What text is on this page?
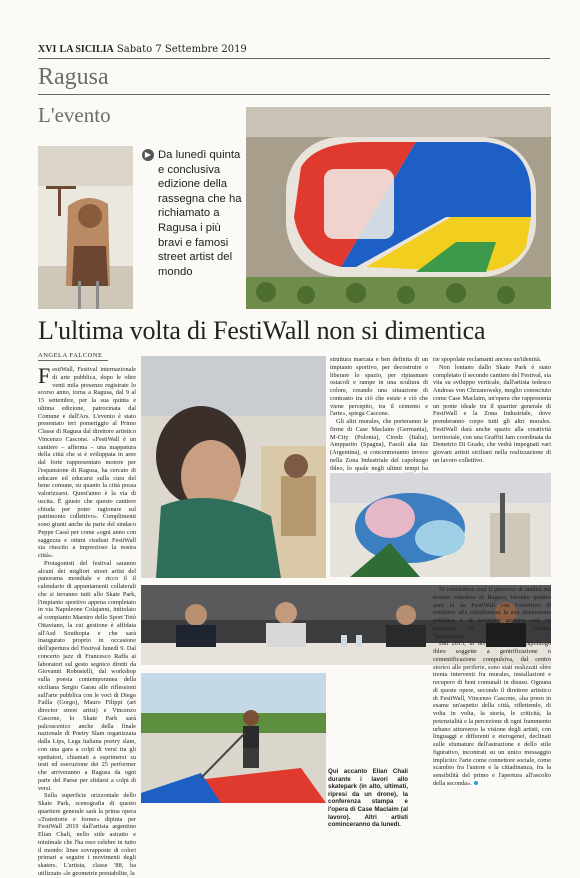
XVI LA SICILIA Sabato 7 Settembre 2019
Ragusa
L'evento
▶ Da lunedì quinta e conclusiva edizione della rassegna che ha richiamato a Ragusa i più bravi e famosi street artist del mondo
L'ultima volta di FestiWall non si dimentica
ANGELA FALCONE

FestiWall, Festival internazionale di arte pubblica, dopo le oltre venti mila presenze registrate lo scorso anno, torna a Ragusa, dal 9 al 15 settembre, per la sua quinta e ultima edizione, patrocinata dal Comune e dall'Ars. L'evento è stato presentato ieri pomeriggio al Primo Classe di Ragusa dal direttore artistico Vincenzo Cascone. «FestiWall è un cantiere – afferma – una mappatura della città che si è sviluppata in aree dal forte rappresentato motore per l'espansione di Ragusa, ha cercato di educare ed educarsi sulla cura del bene comune, su quanto la città possa valorizzarsi. Quest'anno è la via di uscita. È giusto che questo cantiere chiuda per poter ragionare sul patrimonio collettivo». Complimenti sono giunti anche da parte del sindaco Peppe Cassì per come «ogni anno con saggezza e ottimi risultati FestiWall sia riuscito a imprezioso la nostra città».

Protagonisti del festival saranno alcuni dei migliori street artist del panorama mondiale e ricco il il calendario di appuntamenti collaterali che si terranno tutti allo Skate Park, l'impianto sportivo appena completato in via Napoleone Colajanni, intitolato al compianto Maestro dello Sport Totò Ottaviano, la cui gestione è affidata all'Asd Southopia e che sarà inaugurato proprio in occasione dell'apertura del Festival lunedì 9. Dal concerto jazz di Francesco Raffa ai laboratori sul gesto segnico diretti da Giovanni Robustelli, dal workshop sulla poesia contemporanea della siciliana Sergio Garau alle riflessioni sull'arte pubblica con le voci di Diego Failla (Gorgo), Mauro Filippi (art director street artist) e Vincenzo Cascone, lo Skate Park sarà palcoscenico anche della finale nazionale di Poetry Slam organizzata dalla Lips, Lega italiana poetry slam, con una gara a colpi di versi tra gli spettatori, chiamati a esprimersi su testi ed esecuzione dei 25 performer che arriveranno a Ragusa da ogni parte del Paese per sfidarsi a colpi di versi.

Sulla superficie orizzontale dello Skate Park, scenografia di questo quartiere generale sarà la prima opera «Traiettorie e forme» dipinta per FestiWall 2019 dall'artista argentino Elian Chali, nello stile astratto e minimale che l'ha reso celebre in tutto il mondo: linee sovrapposte di colori primari a seguire i movimenti degli skaters. L'artista, classe '88, ha utilizzato «le geometrie prestabilite, la

struttura marcata e ben definita di un impianto sportivo, per decostruire e liberare lo spazio, per ripiasmare ostacoli e rampe in una scultura di colore, creando una situazione di contrasto tra ciò che esiste e ciò che viene percepito, tra il cemento e l'arte», spiega Cascone.

Gli altri murales, che porteranno le firme di Case Maclaim (Germania), M-City (Polonia), Ciredz (Italia), Ampparito (Spagna), Fasoli aka Jaz (Argentina), si concentreranno invece nella Zona Industriale del capoluogo ibleo, lo quale negli ultimi tempi ha

rie spopolate reclamanti ancora un'identità.

Non lontano dallo Skate Park è stato completato il secondo cantiere del Festival, sia vita su sviluppo verticale, dall'artista tedesco Andreas von Chrzanowsky, meglio conosciuto come Case Maclaim, un'opera che rappresenta un ponte ideale tra il quartier generale di FestiWall e la Zona Industriale, dove prenderanno corpo tutti gli altri murales. FestiWall darà anche spazio alla creatività territoriale, con una Graffiti Jam coordinata da Demetrio Di Grado, che vedrà impegnati vari giovani artisti siciliani nella realizzazione di un lavoro collettivo.

Qui accanto Elian Chali durante i lavori allo skatepark (in alto, ultimati, ripresi da un drone), la conferenza stampa e l'opera di Case Maclaim (al lavoro). Altri artisti cominceranno da lunedì.

Si concluderà così il percorso di analisi sul tessuto cittadino di Ragusa, iniziato quattro anni fa da FestiWall con l'obiettivo di restituire alla cittadinanza la sua dimensione pubblica e di fruizione gratuita con un processo di rigenerazione urbana "partecipata".

Dal 2015, in diverse aree del capoluogo ibleo soggette a gentrificazione o cementificazione compulsiva, dal centro storico alle periferie, sono stati realizzati oltre trenta interventi fra murales, installazioni e recupero di beni comunali in disuso. Ognuna di queste opere, secondo il direttore artistico di FestiWall, Vincenzo Cascone, «ha preso in esame un'aspetto della città, riflettendo, di volta in volta, la storia, le criticità, la potenzialità e la percezione di ogni frammento urbano attraverso la visione degli artisti, con linguaggi e differenti e eterogenei, declinati sulle sfumature dell'astrazione e dello stile figurativo, incontrati su un unico messaggio implicito: l'arte come connettore sociale, come scambio fra l'autore e la cittadinanza, fra la sensibilità del primo e l'apertura all'ascolto della seconda».
